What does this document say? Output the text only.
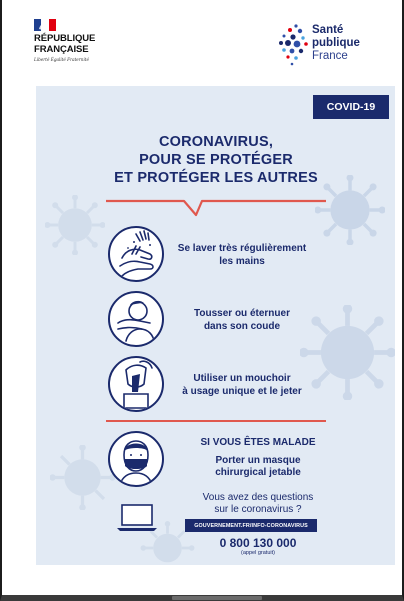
RÉPUBLIQUE FRANÇAISE
Liberté Égalité Fraternité
Santé
publique
France
COVID-19
CORONAVIRUS,
POUR SE PROTÉGER
ET PROTÉGER LES AUTRES
Se laver très régulièrement
les mains
Tousser ou éternuer
dans son coude
Utiliser un mouchoir
à usage unique et le jeter
SI VOUS ÊTES MALADE
Porter un masque
chirurgical jetable
Vous avez des questions
sur le coronavirus ?
GOUVERNEMENT.FR/INFO-CORONAVIRUS
0 800 130 000
(appel gratuit)
